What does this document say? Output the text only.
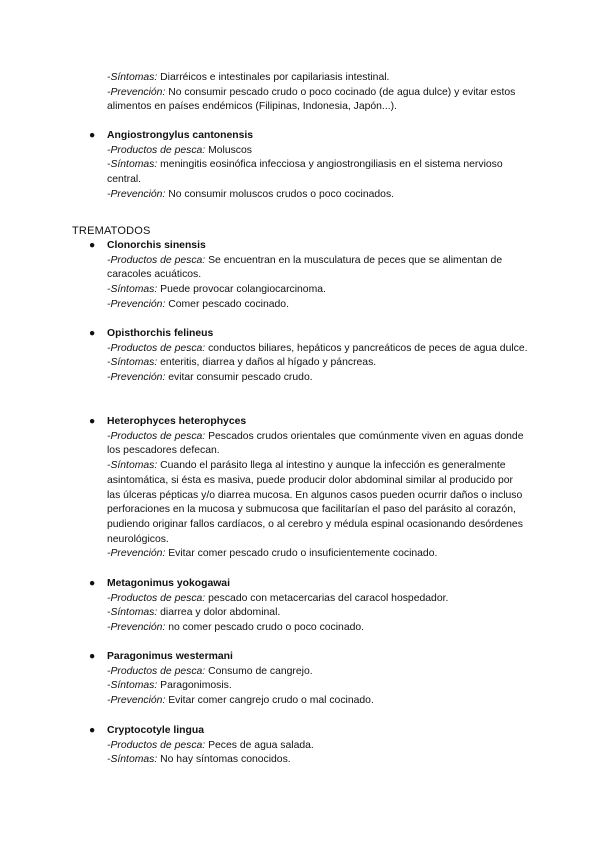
-Síntomas: Diarréicos e intestinales por capilariasis intestinal.
-Prevención: No consumir pescado crudo o poco cocinado (de agua dulce) y evitar estos alimentos en países endémicos (Filipinas, Indonesia, Japón...).
● Angiostrongylus cantonensis
-Productos de pesca: Moluscos
-Síntomas: meningitis eosinófica infecciosa y angiostrongiliasis en el sistema nervioso central.
-Prevención: No consumir moluscos crudos o poco cocinados.
TREMATODOS
● Clonorchis sinensis
-Productos de pesca: Se encuentran en la musculatura de peces que se alimentan de caracoles acuáticos.
-Síntomas: Puede provocar colangiocarcinoma.
-Prevención: Comer pescado cocinado.
● Opisthorchis felineus
-Productos de pesca: conductos biliares, hepáticos y pancreáticos de peces de agua dulce.
-Síntomas: enteritis, diarrea y daños al hígado y páncreas.
-Prevención: evitar consumir pescado crudo.
● Heterophyces heterophyces
-Productos de pesca: Pescados crudos orientales que comúnmente viven en aguas donde los pescadores defecan.
-Síntomas: Cuando el parásito llega al intestino y aunque la infección es generalmente asintomática, si ésta es masiva, puede producir dolor abdominal similar al producido por las úlceras pépticas y/o diarrea mucosa. En algunos casos pueden ocurrir daños o incluso perforaciones en la mucosa y submucosa que facilitarían el paso del parásito al corazón, pudiendo originar fallos cardíacos, o al cerebro y médula espinal ocasionando desórdenes neurológicos.
-Prevención: Evitar comer pescado crudo o insuficientemente cocinado.
● Metagonimus yokogawai
-Productos de pesca: pescado con metacercarias del caracol hospedador.
-Síntomas: diarrea y dolor abdominal.
-Prevención: no comer pescado crudo o poco cocinado.
● Paragonimus westermani
-Productos de pesca: Consumo de cangrejo.
-Síntomas: Paragonimosis.
-Prevención: Evitar comer cangrejo crudo o mal cocinado.
● Cryptocotyle lingua
-Productos de pesca: Peces de agua salada.
-Síntomas: No hay síntomas conocidos.
